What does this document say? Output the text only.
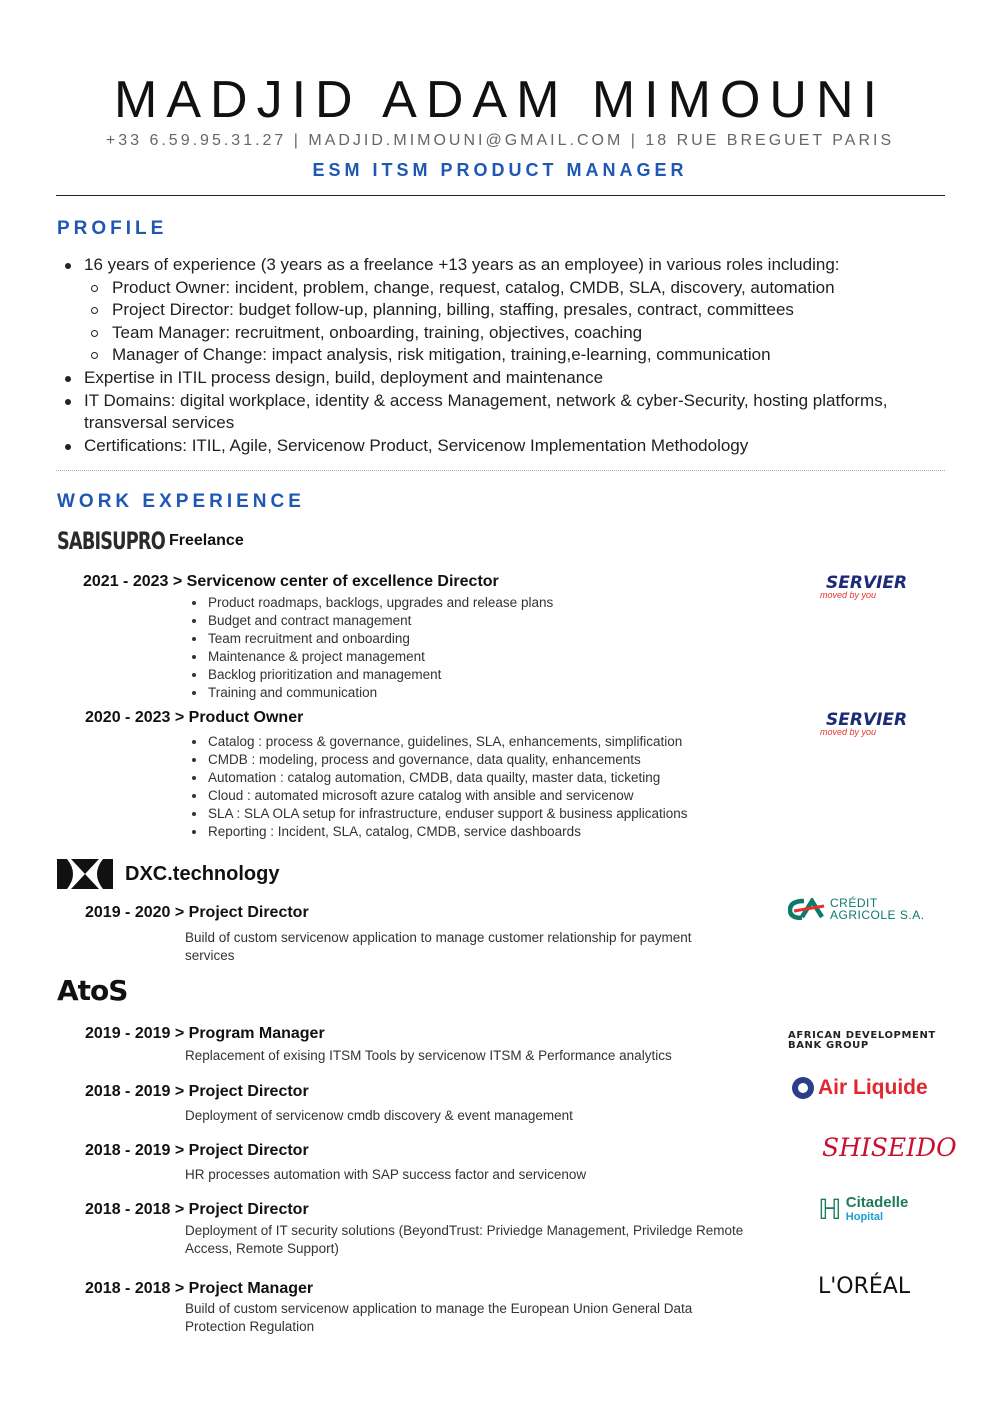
MADJID ADAM MIMOUNI
+33 6.59.95.31.27 | MADJID.MIMOUNI@GMAIL.COM | 18 RUE BREGUET PARIS
ESM ITSM PRODUCT MANAGER
PROFILE
16 years of experience (3 years as a freelance +13 years as an employee) in various roles including:
Product Owner: incident, problem, change, request, catalog, CMDB, SLA, discovery, automation
Project Director: budget follow-up, planning, billing, staffing, presales, contract, committees
Team Manager: recruitment, onboarding, training, objectives, coaching
Manager of Change: impact analysis, risk mitigation, training,e-learning, communication
Expertise in ITIL process design, build, deployment and maintenance
IT Domains: digital workplace, identity & access Management, network & cyber-Security, hosting platforms, transversal services
Certifications: ITIL, Agile, Servicenow Product, Servicenow Implementation Methodology
WORK EXPERIENCE
SABISUPRO Freelance
2021 - 2023 > Servicenow center of excellence Director
Product roadmaps, backlogs, upgrades and release plans
Budget and contract management
Team recruitment and onboarding
Maintenance & project management
Backlog prioritization and management
Training and communication
SERVIER
moved by you
2020 - 2023 > Product Owner
Catalog : process & governance, guidelines, SLA, enhancements, simplification
CMDB : modeling, process and governance, data quality, enhancements
Automation : catalog automation, CMDB, data quailty, master data, ticketing
Cloud : automated microsoft azure catalog with ansible and servicenow
SLA : SLA OLA setup for infrastructure, enduser support & business applications
Reporting : Incident, SLA, catalog, CMDB, service dashboards
SERVIER
moved by you
DXC.technology
2019 - 2020 > Project Director
Build of custom servicenow application to manage customer relationship for payment services
CRÉDIT
AGRICOLE S.A.
AtoS
2019 - 2019 > Program Manager
Replacement of exising ITSM Tools by servicenow ITSM & Performance analytics
AFRICAN DEVELOPMENT
BANK GROUP
2018 - 2019 > Project Director
Deployment of servicenow cmdb discovery & event management
Air Liquide
2018 - 2019 > Project Director
HR processes automation with SAP success factor and servicenow
SHISEIDO
2018 - 2018 > Project Director
Deployment of IT security solutions (BeyondTrust: Priviedge Management, Priviledge Remote Access, Remote Support)
ℍ Citadelle
Hopital
2018 - 2018 > Project Manager
Build of custom servicenow application to manage the European Union General Data Protection Regulation
L'ORÉAL
